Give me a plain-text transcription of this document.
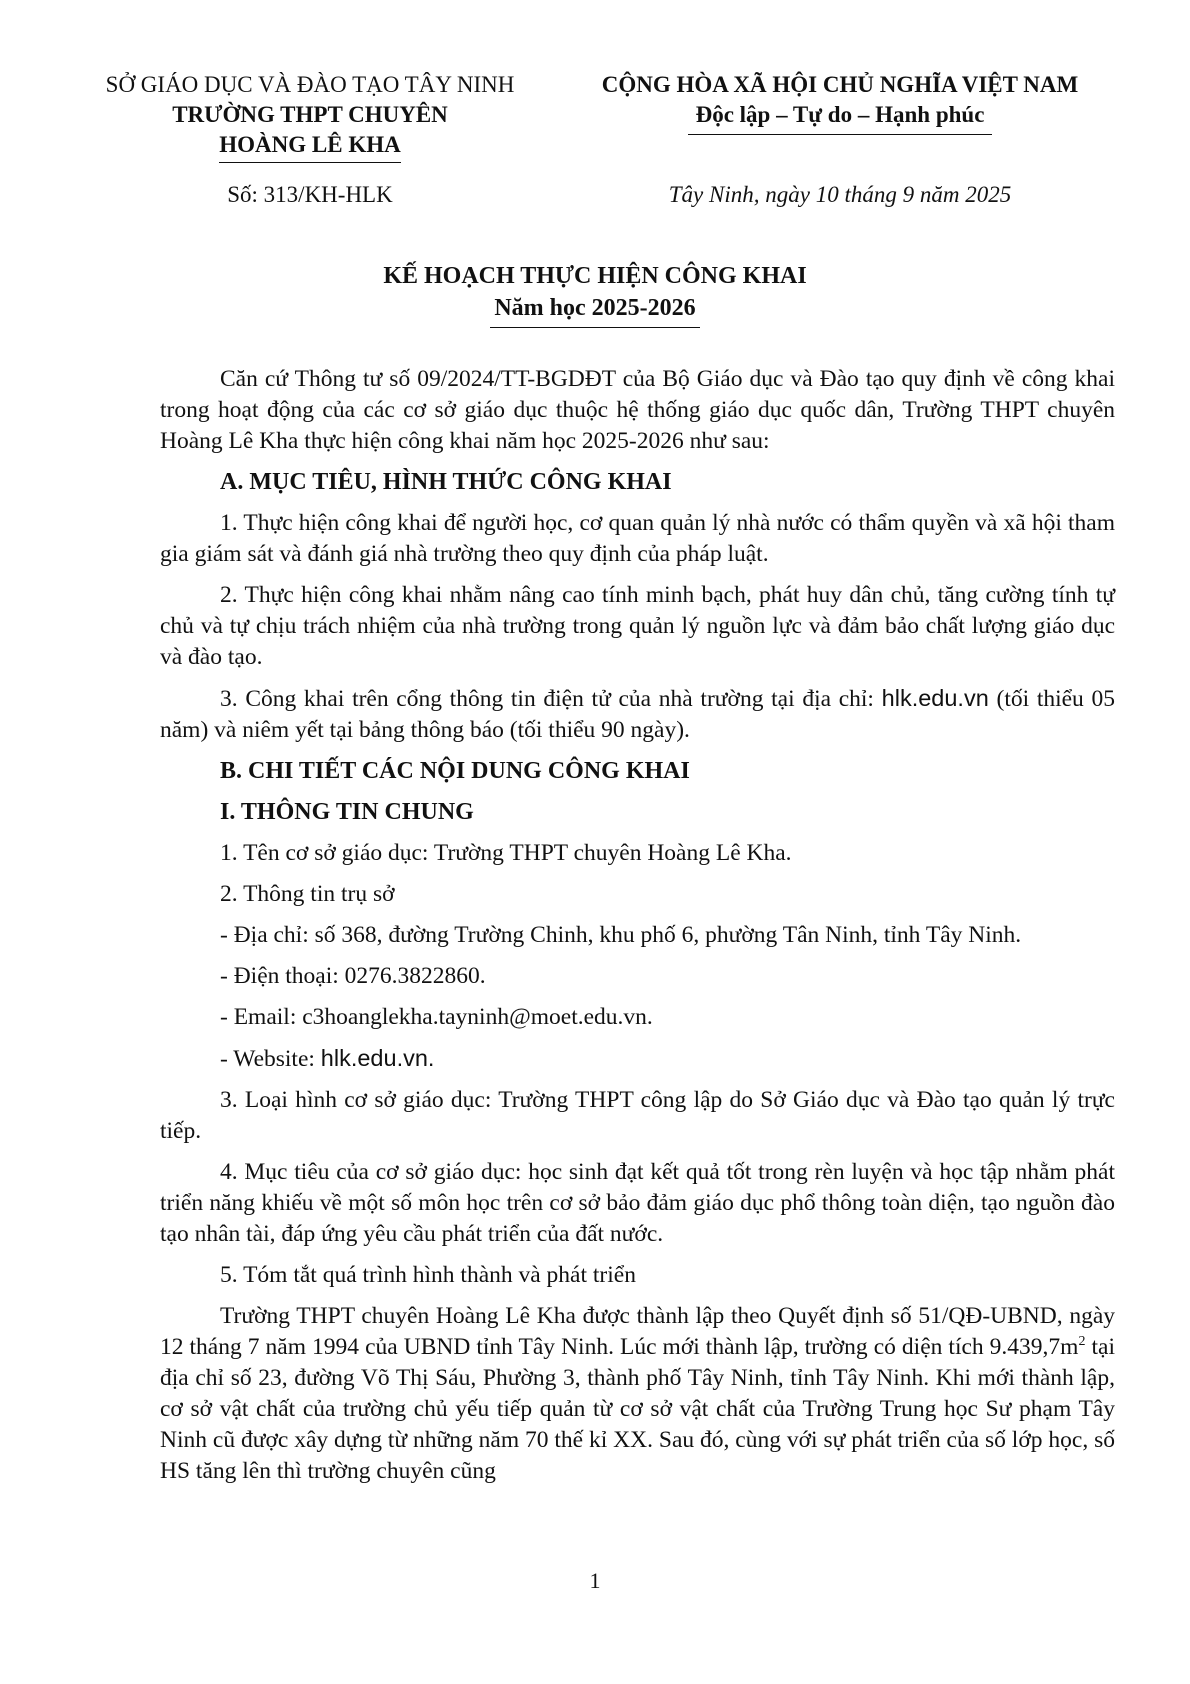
SỞ GIÁO DỤC VÀ ĐÀO TẠO TÂY NINH
TRƯỜNG THPT CHUYÊN
HOÀNG LÊ KHA
CỘNG HÒA XÃ HỘI CHỦ NGHĨA VIỆT NAM
Độc lập – Tự do – Hạnh phúc
Số: 313/KH-HLK	Tây Ninh, ngày 10 tháng 9 năm 2025
KẾ HOẠCH THỰC HIỆN CÔNG KHAI
Năm học 2025-2026

Căn cứ Thông tư số 09/2024/TT-BGDĐT của Bộ Giáo dục và Đào tạo quy định về công khai trong hoạt động của các cơ sở giáo dục thuộc hệ thống giáo dục quốc dân, Trường THPT chuyên Hoàng Lê Kha thực hiện công khai năm học 2025-2026 như sau:

A. MỤC TIÊU, HÌNH THỨC CÔNG KHAI

1. Thực hiện công khai để người học, cơ quan quản lý nhà nước có thẩm quyền và xã hội tham gia giám sát và đánh giá nhà trường theo quy định của pháp luật.

2. Thực hiện công khai nhằm nâng cao tính minh bạch, phát huy dân chủ, tăng cường tính tự chủ và tự chịu trách nhiệm của nhà trường trong quản lý nguồn lực và đảm bảo chất lượng giáo dục và đào tạo.

3. Công khai trên cổng thông tin điện tử của nhà trường tại địa chỉ: hlk.edu.vn (tối thiểu 05 năm) và niêm yết tại bảng thông báo (tối thiểu 90 ngày).

B. CHI TIẾT CÁC NỘI DUNG CÔNG KHAI
I. THÔNG TIN CHUNG

1. Tên cơ sở giáo dục: Trường THPT chuyên Hoàng Lê Kha.

2. Thông tin trụ sở

- Địa chỉ: số 368, đường Trường Chinh, khu phố 6, phường Tân Ninh, tỉnh Tây Ninh.

- Điện thoại: 0276.3822860.

- Email: c3hoanglekha.tayninh@moet.edu.vn.

- Website: hlk.edu.vn.

3. Loại hình cơ sở giáo dục: Trường THPT công lập do Sở Giáo dục và Đào tạo quản lý trực tiếp.

4. Mục tiêu của cơ sở giáo dục: học sinh đạt kết quả tốt trong rèn luyện và học tập nhằm phát triển năng khiếu về một số môn học trên cơ sở bảo đảm giáo dục phổ thông toàn diện, tạo nguồn đào tạo nhân tài, đáp ứng yêu cầu phát triển của đất nước.

5. Tóm tắt quá trình hình thành và phát triển

Trường THPT chuyên Hoàng Lê Kha được thành lập theo Quyết định số 51/QĐ-UBND, ngày 12 tháng 7 năm 1994 của UBND tỉnh Tây Ninh. Lúc mới thành lập, trường có diện tích $9.439,7m^2$ tại địa chỉ số 23, đường Võ Thị Sáu, Phường 3, thành phố Tây Ninh, tỉnh Tây Ninh. Khi mới thành lập, cơ sở vật chất của trường chủ yếu tiếp quản từ cơ sở vật chất của Trường Trung học Sư phạm Tây Ninh cũ được xây dựng từ những năm 70 thế kỉ XX. Sau đó, cùng với sự phát triển của số lớp học, số HS tăng lên thì trường chuyên cũng

1
